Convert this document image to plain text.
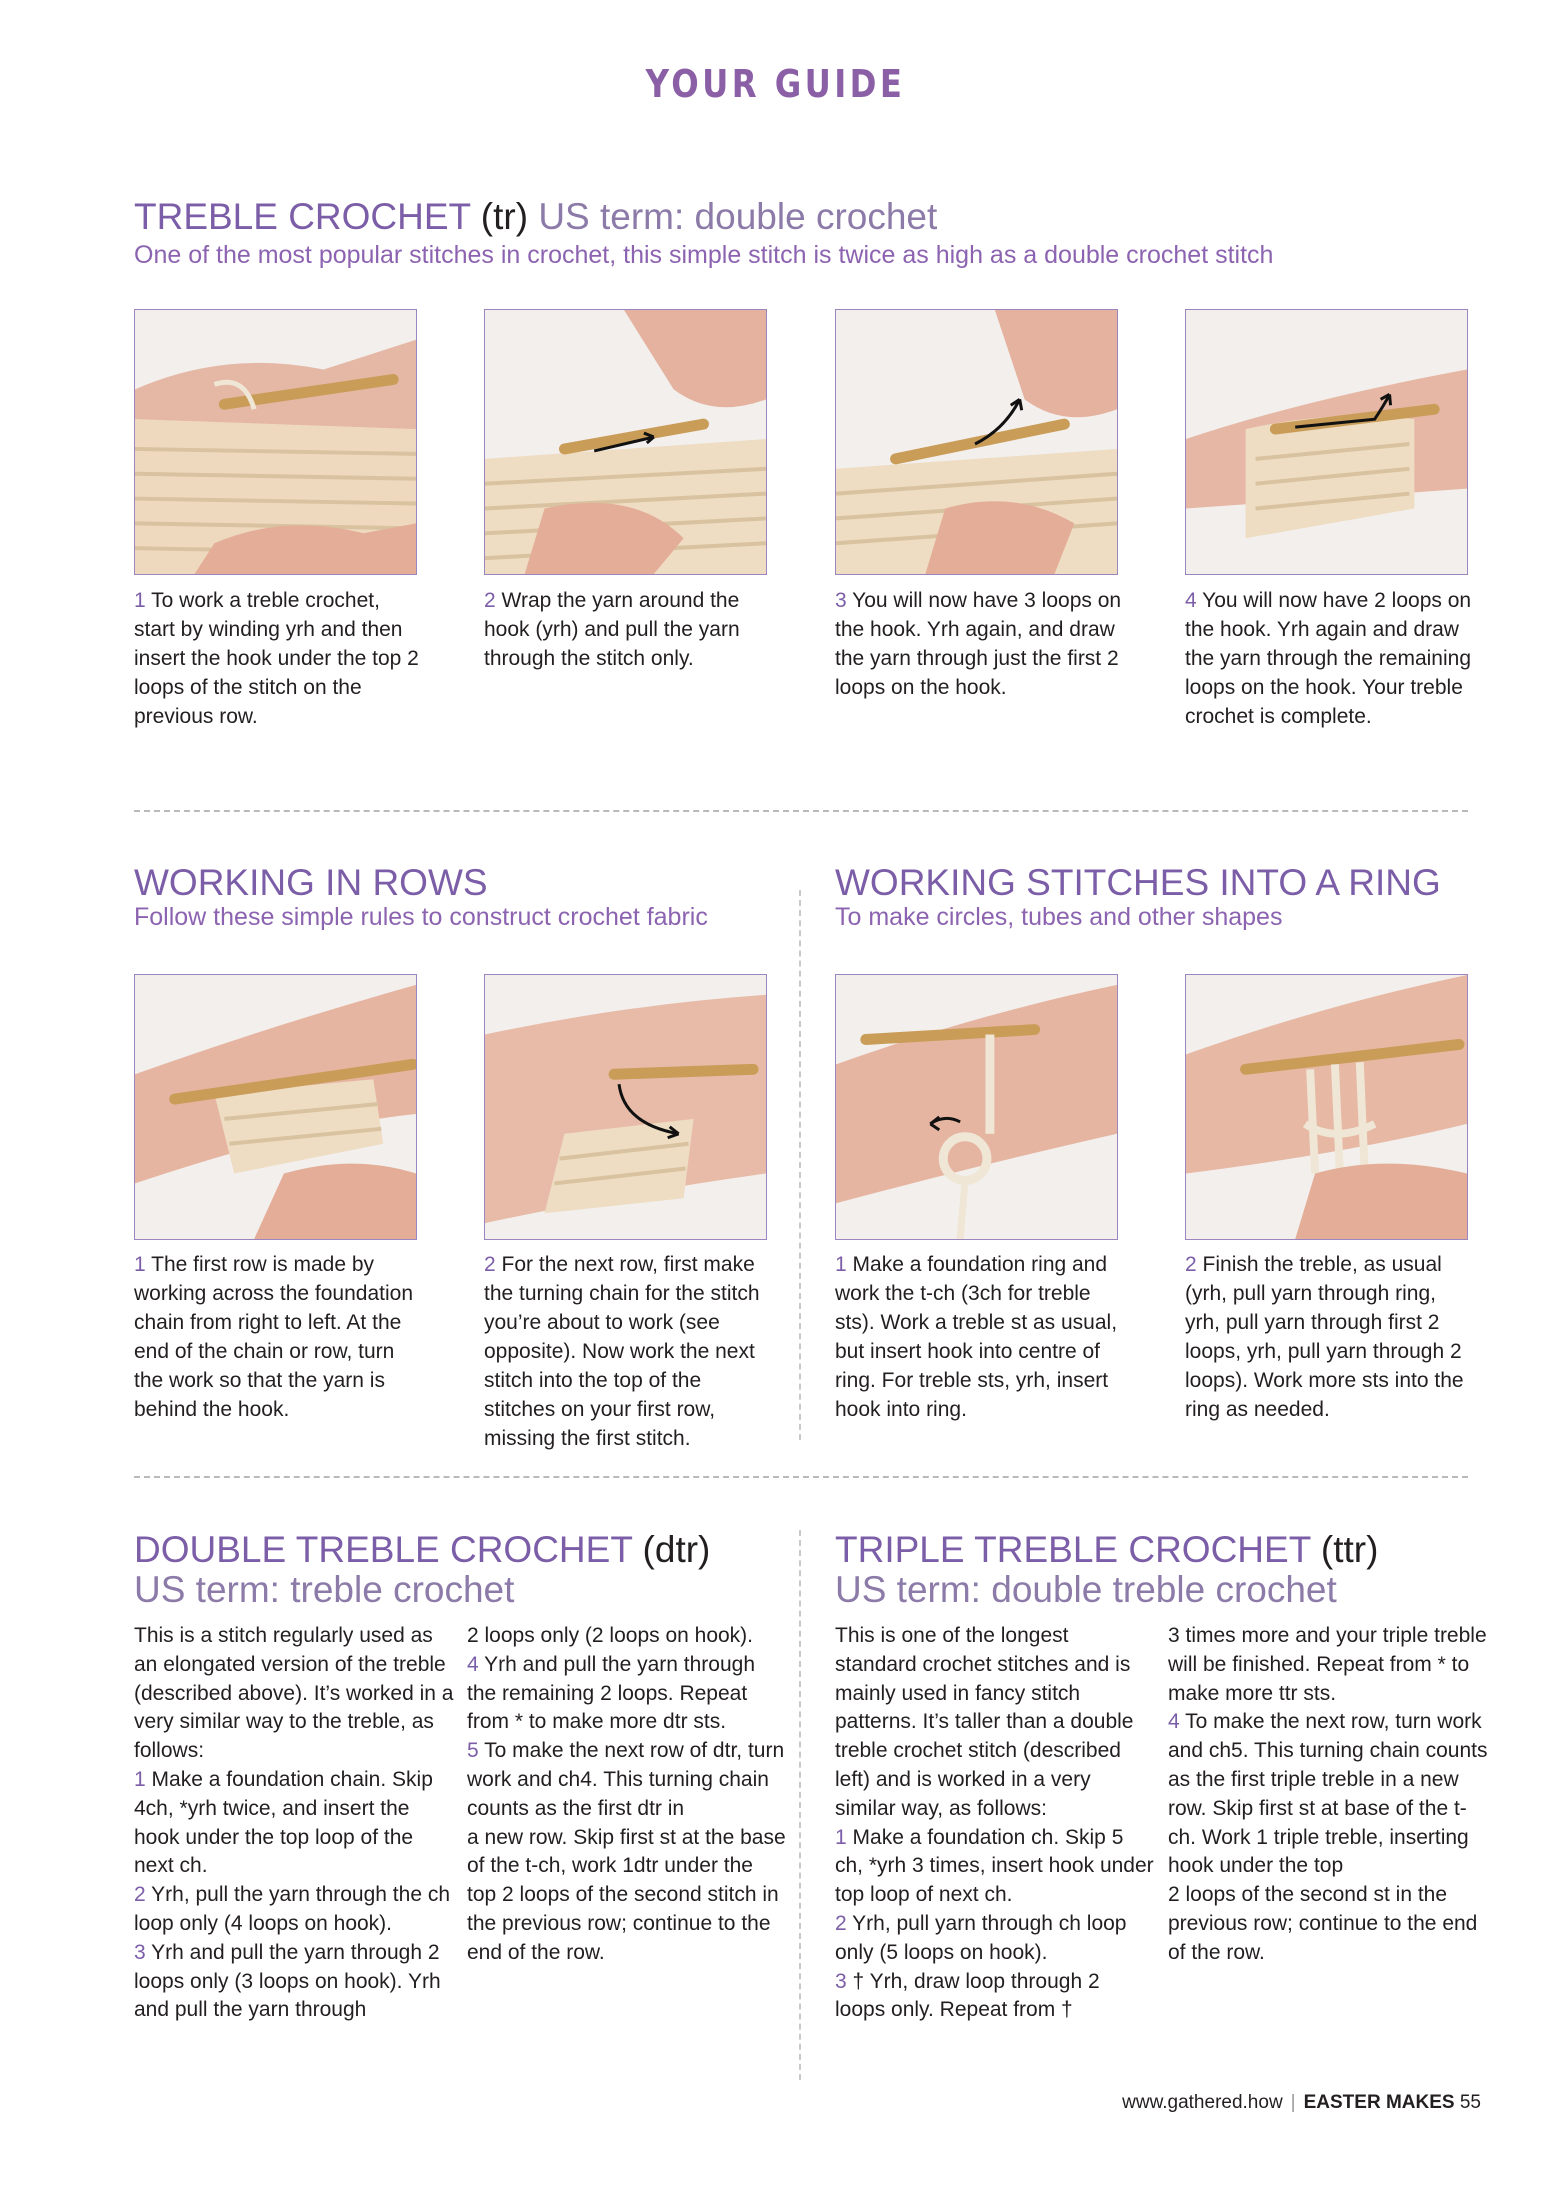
YOUR GUIDE
TREBLE CROCHET (tr) US term: double crochet
One of the most popular stitches in crochet, this simple stitch is twice as high as a double crochet stitch
1 To work a treble crochet, start by winding yrh and then insert the hook under the top 2 loops of the stitch on the previous row.
2 Wrap the yarn around the hook (yrh) and pull the yarn through the stitch only.
3 You will now have 3 loops on the hook. Yrh again, and draw the yarn through just the first 2 loops on the hook.
4 You will now have 2 loops on the hook. Yrh again and draw the yarn through the remaining loops on the hook. Your treble crochet is complete.
WORKING IN ROWS
Follow these simple rules to construct crochet fabric
WORKING STITCHES INTO A RING
To make circles, tubes and other shapes
1 The first row is made by working across the foundation chain from right to left. At the end of the chain or row, turn the work so that the yarn is behind the hook.
2 For the next row, first make the turning chain for the stitch you’re about to work (see opposite). Now work the next stitch into the top of the stitches on your first row, missing the first stitch.
1 Make a foundation ring and work the t-ch (3ch for treble sts). Work a treble st as usual, but insert hook into centre of ring. For treble sts, yrh, insert hook into ring.
2 Finish the treble, as usual (yrh, pull yarn through ring, yrh, pull yarn through first 2 loops, yrh, pull yarn through 2 loops). Work more sts into the ring as needed.
DOUBLE TREBLE CROCHET (dtr)
US term: treble crochet
TRIPLE TREBLE CROCHET (ttr)
US term: double treble crochet

This is a stitch regularly used as an elongated version of the treble (described above). It’s worked in a very similar way to the treble, as follows:

1 Make a foundation chain. Skip 4ch, *yrh twice, and insert the hook under the top loop of the next ch.

2 Yrh, pull the yarn through the ch loop only (4 loops on hook).

3 Yrh and pull the yarn through 2 loops only (3 loops on hook). Yrh and pull the yarn through

2 loops only (2 loops on hook).

4 Yrh and pull the yarn through the remaining 2 loops. Repeat from * to make more dtr sts.

5 To make the next row of dtr, turn work and ch4. This turning chain counts as the first dtr in

a new row. Skip first st at the base of the t-ch, work 1dtr under the top 2 loops of the second stitch in the previous row; continue to the end of the row.

This is one of the longest standard crochet stitches and is mainly used in fancy stitch patterns. It’s taller than a double treble crochet stitch (described left) and is worked in a very similar way, as follows:

1 Make a foundation ch. Skip 5 ch, *yrh 3 times, insert hook under top loop of next ch.

2 Yrh, pull yarn through ch loop only (5 loops on hook).

3 † Yrh, draw loop through 2 loops only. Repeat from †

3 times more and your triple treble will be finished. Repeat from * to make more ttr sts.

4 To make the next row, turn work and ch5. This turning chain counts as the first triple treble in a new row. Skip first st at base of the t-ch. Work 1 triple treble, inserting hook under the top

2 loops of the second st in the previous row; continue to the end of the row.

www.gathered.how | EASTER MAKES 55
